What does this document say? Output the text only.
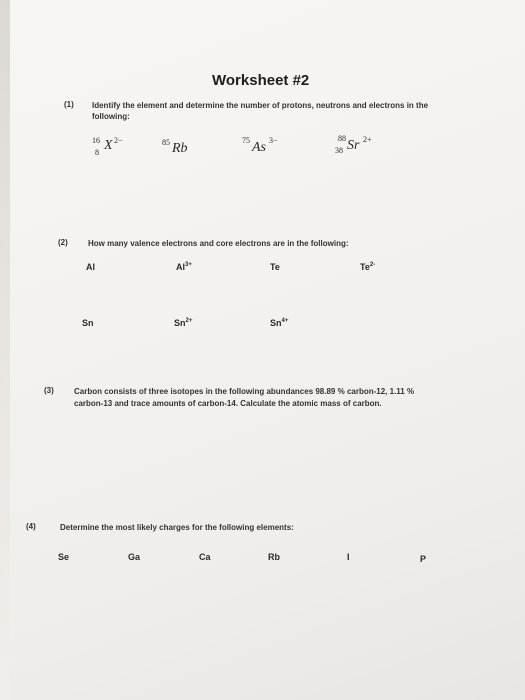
Worksheet #2
(1) Identify the element and determine the number of protons, neutrons and electrons in the
following:
16
8 X 2−	85 Rb
75 As 3−	88
38 Sr 2+
(2)	How many valence electrons and core electrons are in the following:
Al	$Al^{3+}$	Te	$Te^{2-}$
Sn	$Sn^{2+}$	$Sn^{4+}$
(3)	Carbon consists of three isotopes in the following abundances 98.89 % carbon-12, 1.11 %
carbon-13 and trace amounts of carbon-14. Calculate the atomic mass of carbon.
(4)	Determine the most likely charges for the following elements:
Se	Ga	Ca	Rb	I	P
